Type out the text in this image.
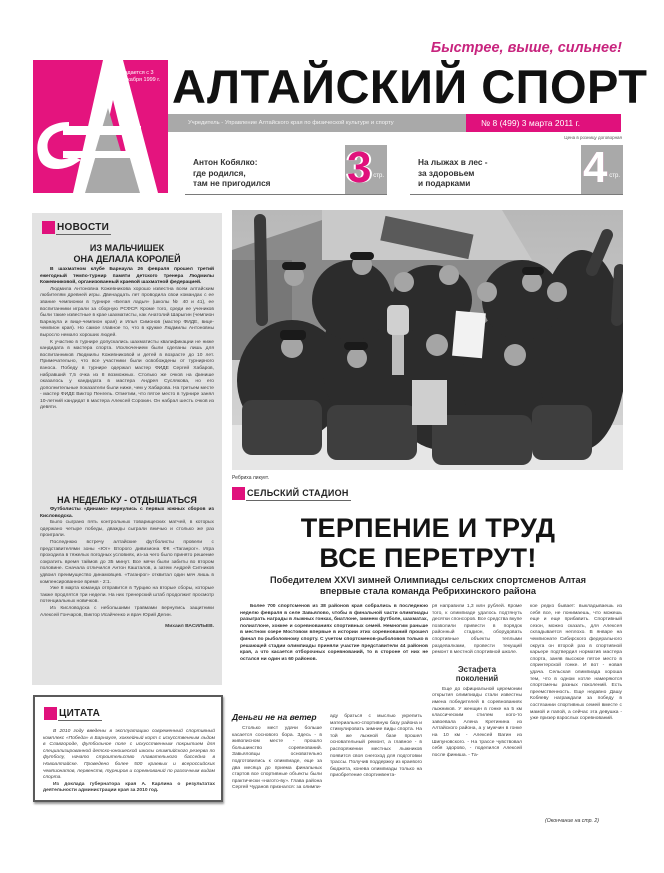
Быстрее, выше, сильнее!
Издается с 3 декабря 1999 г. АЛТАЙСКИЙ СПОРТ
Учредитель - Управление Алтайского края по физической культуре и спорту	№ 8 (499) 3 марта 2011 г.
Цена в розницу договорная
Антон Кобялко:
где родился,
там не пригодился 3 стр.
На лыжах в лес -
за здоровьем
и подарками	4 стр.
НОВОСТИ
ИЗ МАЛЬЧИШЕК
ОНА ДЕЛАЛА КОРОЛЕЙ

В шахматном клубе Барнаула 26 февраля прошел третий ежегодный темпо-турнир памяти детского тренера Людмилы Кожевниковой, организованный краевой шахматной федерацией.

Людмила Антоновна Кожевникова хорошо известна всем алтайским любителям древней игры. Двенадцать лет проводила свои командах с ее звание чемпионки в турнире «Белая ладья» (школы № 40 и 41), ее воспитанники играли за сборную РСФСР. Кроме того, среди ее учеников были такие известные в крае шахматисты, как Анатолий Шарыгин (чемпион Барнаула и вице-чемпион края) и Илья Симонов (мастер ФИДЕ, вице-чемпион края). Но самое главное то, что в кружке Людмилы Антоновны выросло немало хороших людей.

К участию в турнире допускались шахматисты квалификации не ниже кандидата в мастера спорта. Исключением были сделаны лишь для воспитанников Людмилы Кожевниковой и детей в возрасте до 10 лет. Примечательно, что все участники были освобождены от турнирного взноса. Победу в турнире одержал мастер ФИДЕ Сергей Хабаров, набравший 7,5 очка из 8 возможных. Столько же очков на финише оказалось у кандидата в мастера Андрея Суслякова, но его дополнительные показатели были ниже, чем у Хабарова. На третьем месте - мастер ФИДЕ Виктор Пенгель. Отметим, что пятое место в турнире занял 10-летний кандидат в мастера Алексей Сорокин. Он набрал шесть очков из девяти.

НА НЕДЕЛЬКУ - ОТДЫШАТЬСЯ

Футболисты «Динамо» вернулись с первых южных сборов из Кисловодска.

Было сыграно пять контрольных товарищеских матчей, в которых одержано четыре победы, дважды сыграли вничью и столько же раз проиграли.

Последнюю встречу алтайские футболисты провели с представителями зоны «Юг» Второго дивизиона ФК «Таганрог». Игра проходила в тяжелых погодных условиях, из-за чего было принято решение сократить время таймов до 35 минут. Все мячи были забиты во втором половине. Сначала отличился Антон Кашталов, а затем Андрей Ситников удвоил преимущество динамовцев. «Таганрог» отквитал один мяч лишь в компенсированное время - 2:1.

Уже 8 марта команда отправится в Турцию на вторые сборы, которые также продлятся три недели. На них тренерский штаб продолжит просмотр потенциальных новичков.

Из Кисловодска с небольшими травмами вернулись защитники Алексей Гончаров, Виктор Исайченко и врач Юрий Дегин.

Михаил ВАСИЛЬЕВ.

ЦИТАТА

В 2010 году введены в эксплуатацию современный спортивный комплекс «Победа» в Барнауле, хоккейный корт с искусственным льдом в Славгороде, футбольное поле с искусственным покрытием для специализированной детско-юношеской школы олимпийского резерва по футболу, начато строительство плавательного бассейна в Новоалтайске. Проведено более 500 краевых и всероссийских чемпионатов, первенств, турниров и соревнований по различным видам спорта.

Из доклада губернатора края А. Карлина о результатах деятельности администрации края за 2010 год.

Ребриха ликует.
СЕЛЬСКИЙ СТАДИОН
ТЕРПЕНИЕ И ТРУД
ВСЕ ПЕРЕТРУТ!
Победителем XXVI зимней Олимпиады сельских спортсменов Алтая
впервые стала команда Ребрихинского района

Более 700 спортсменов из 38 районов края собрались в последнюю неделю февраля в селе Завьялово, чтобы в финальной части олимпиады разыграть награды в лыжных гонках, биатлоне, зимнем футболе, шахматах, полиатлоне, хоккее и соревнованиях спортивных семей. Немногим раньше в местном озере Мостовом впервые в истории этих соревнований прошел финал по рыболовному спорту. С учетом спортсменов-рыболовов только в решающей стадии олимпиады приняли участие представители 44 районов края, а что касается отборочных соревнований, то в стороне от них не остался ни один из 60 районов.

Деньги не на ветер

Столько мест удачи больше касается соснового бора. Здесь - в живописном месте - прошло большинство соревнований. Завьяловцы основательно подготовились к олимпиаде, еще за два месяца до приема финальных стартов все спортивные объекты были практически «нагото-ву». Глава района Сергей Чуданов признался: за олимпи-

аду браться с мыслью укрепить материально-спортивную базу района и стимулировать зимние виды спорта. На той же лыжной базе прошел основательный ремонт, а главное - в распоряжении местных лыжников появится своя снегоход для подготовки трассы. Получив поддержку из краевого бюджета, конева олимпиады только на приобретение спортинвента-

ря направили 1,3 млн рублей. Кроме того, к олимпиаде удалось подтянуть десятки спонсоров. Все средства вкупе позволили привести в порядок районный стадион, оборудовать спортивные объекты теплыми раздевалками, провести текущий ремонт в местной спортивной школе.

Эстафета
поколений

Еще до официальной церемонии открытия олимпиады стали известны имена победителей в соревнованиях лыжников. У женщин в гонке на 5 км классическим стилем кого-то завоевала Алена Кретинина из Алтайского района, а у мужчин в гонке на 10 км - Алексей Вагин из Шипуновского. - На трассе чувствовал себя здорово, - поделился Алексей после финиша. - Та-

кое редко бывает: выкладываешь из себя все, не понимаешь, что можешь еще и еще прибавить. Спортивный сезон, можно сказать, для Алексея складывается неплохо. В январе на чемпионате Сибирского федерального округа он второй раз в спортивной карьере подтвердил норматив мастера спорта, заняв высокое пятое место в спринтерской гонке. И вот - новая удача. Сельская олимпиада хороша тем, что в одном котле намеряются спортсмены разных поколений. Есть преемственность. Еще недавно Дашу Кобяеву награждали за победу в состязании спортивных семей вместе с мамой и папой, а сейчас эта девушка - уже призер взрослых соревнований.

(Окончание на стр. 2)
